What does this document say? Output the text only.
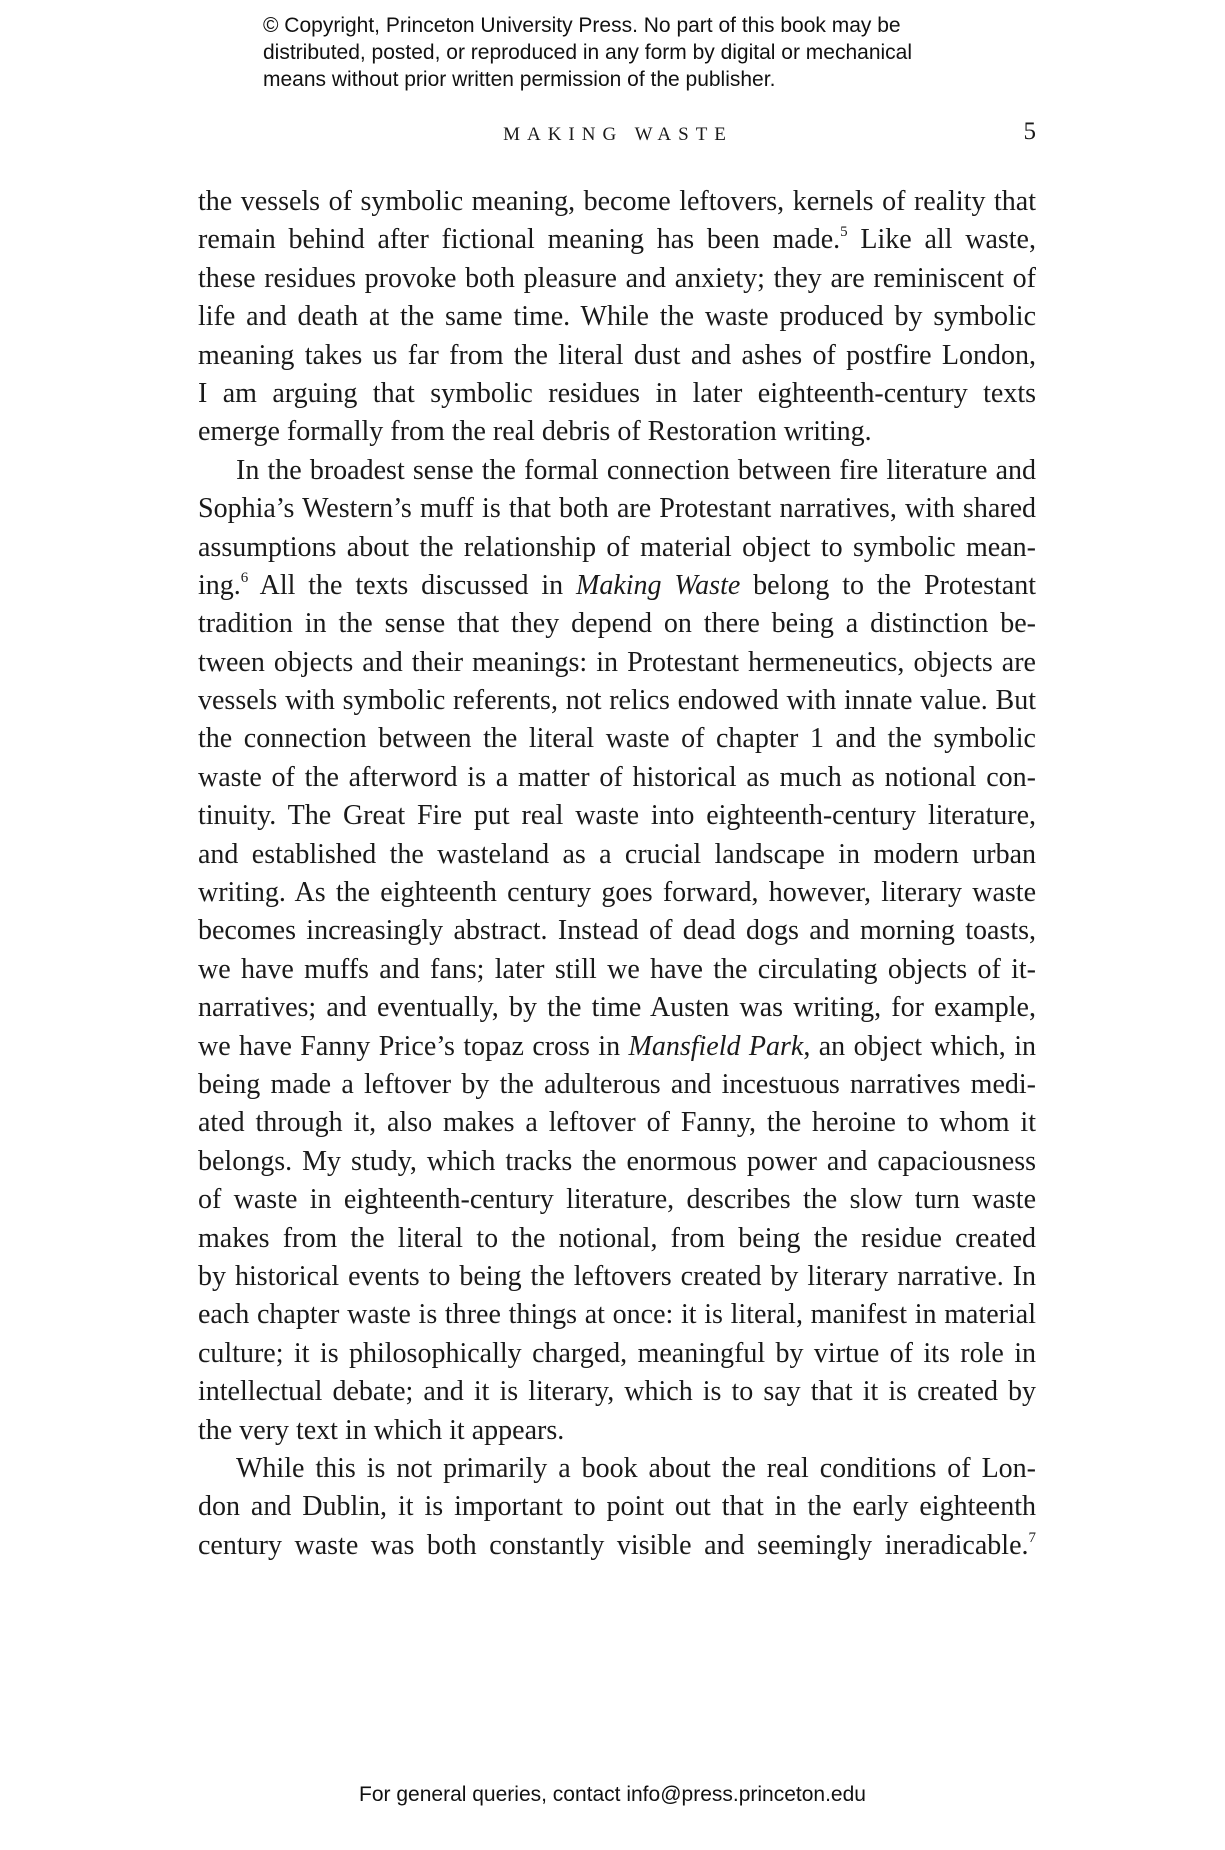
© Copyright, Princeton University Press. No part of this book may be
distributed, posted, or reproduced in any form by digital or mechanical
means without prior written permission of the publisher.
MAKING WASTE	5
the vessels of symbolic meaning, become leftovers, kernels of reality that
remain behind after fictional meaning has been made.$^5$ Like all waste,
these residues provoke both pleasure and anxiety; they are reminiscent of
life and death at the same time. While the waste produced by symbolic
meaning takes us far from the literal dust and ashes of postfire London,
I am arguing that symbolic residues in later eighteenth-century texts
emerge formally from the real debris of Restoration writing.
In the broadest sense the formal connection between fire literature and
Sophia’s Western’s muff is that both are Protestant narratives, with shared
assumptions about the relationship of material object to symbolic mean-
ing.$^6$ All the texts discussed in Making Waste belong to the Protestant
tradition in the sense that they depend on there being a distinction be-
tween objects and their meanings: in Protestant hermeneutics, objects are
vessels with symbolic referents, not relics endowed with innate value. But
the connection between the literal waste of chapter 1 and the symbolic
waste of the afterword is a matter of historical as much as notional con-
tinuity. The Great Fire put real waste into eighteenth-century literature,
and established the wasteland as a crucial landscape in modern urban
writing. As the eighteenth century goes forward, however, literary waste
becomes increasingly abstract. Instead of dead dogs and morning toasts,
we have muffs and fans; later still we have the circulating objects of it-
narratives; and eventually, by the time Austen was writing, for example,
we have Fanny Price’s topaz cross in Mansfield Park, an object which, in
being made a leftover by the adulterous and incestuous narratives medi-
ated through it, also makes a leftover of Fanny, the heroine to whom it
belongs. My study, which tracks the enormous power and capaciousness
of waste in eighteenth-century literature, describes the slow turn waste
makes from the literal to the notional, from being the residue created
by historical events to being the leftovers created by literary narrative. In
each chapter waste is three things at once: it is literal, manifest in material
culture; it is philosophically charged, meaningful by virtue of its role in
intellectual debate; and it is literary, which is to say that it is created by
the very text in which it appears.
While this is not primarily a book about the real conditions of Lon-
don and Dublin, it is important to point out that in the early eighteenth
century waste was both constantly visible and seemingly ineradicable.$^7$
For general queries, contact info@press.princeton.edu
